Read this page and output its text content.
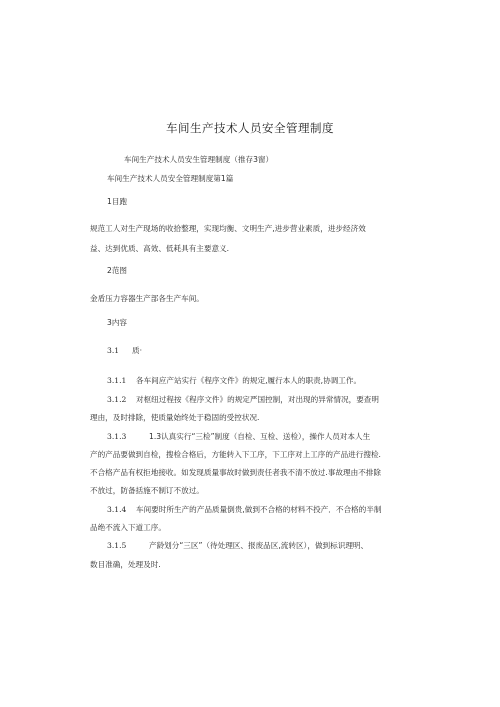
车间生产技术人员安全管理制度
车间生产技术人员安生管理制度（推存3窗）
车间生产技术人员安全管理制度第1篇
1目跑
规范工人对生产现场的收拾整理，实现均衡、文明生产,进步营业素质，进步经济效
益、达到优质、高效、低耗具有主要意义.
2范图
金盾压力容器生产部各生产车间。
3内容
3.1 质·
3.1.1 各车间应产站实行《程序文件》的规定,履行本人的职责,协调工作。
3.1.2 对枢纽过程按《程序文件》的规定严国控制，对出现的异常情况，要查明
理由，及时排除，使质量始终处于稳固的受控状况.
3.1.3	1.3认真实行“三检”制度（自检、互检、送检），操作人员对本人生
产的产品要做到自检，搜检合格后，方能转入下工序，下工序对上工序的产品进行搜检.
不合格产品有权拒地接收。如发现质量事故时做到责任者我不清不放过.事故理由不排除
不放过，防备括施不制订不放过。
3.1.4 车间要时所生产的产品质量倒贵,做到不合格的材料不投产．不合格的半制
品绝不流入下道工序。
3.1.5	产龄划分“三区”（待处理区、报废品区,流转区），做到标识理明、
数目准确，处理及时.
